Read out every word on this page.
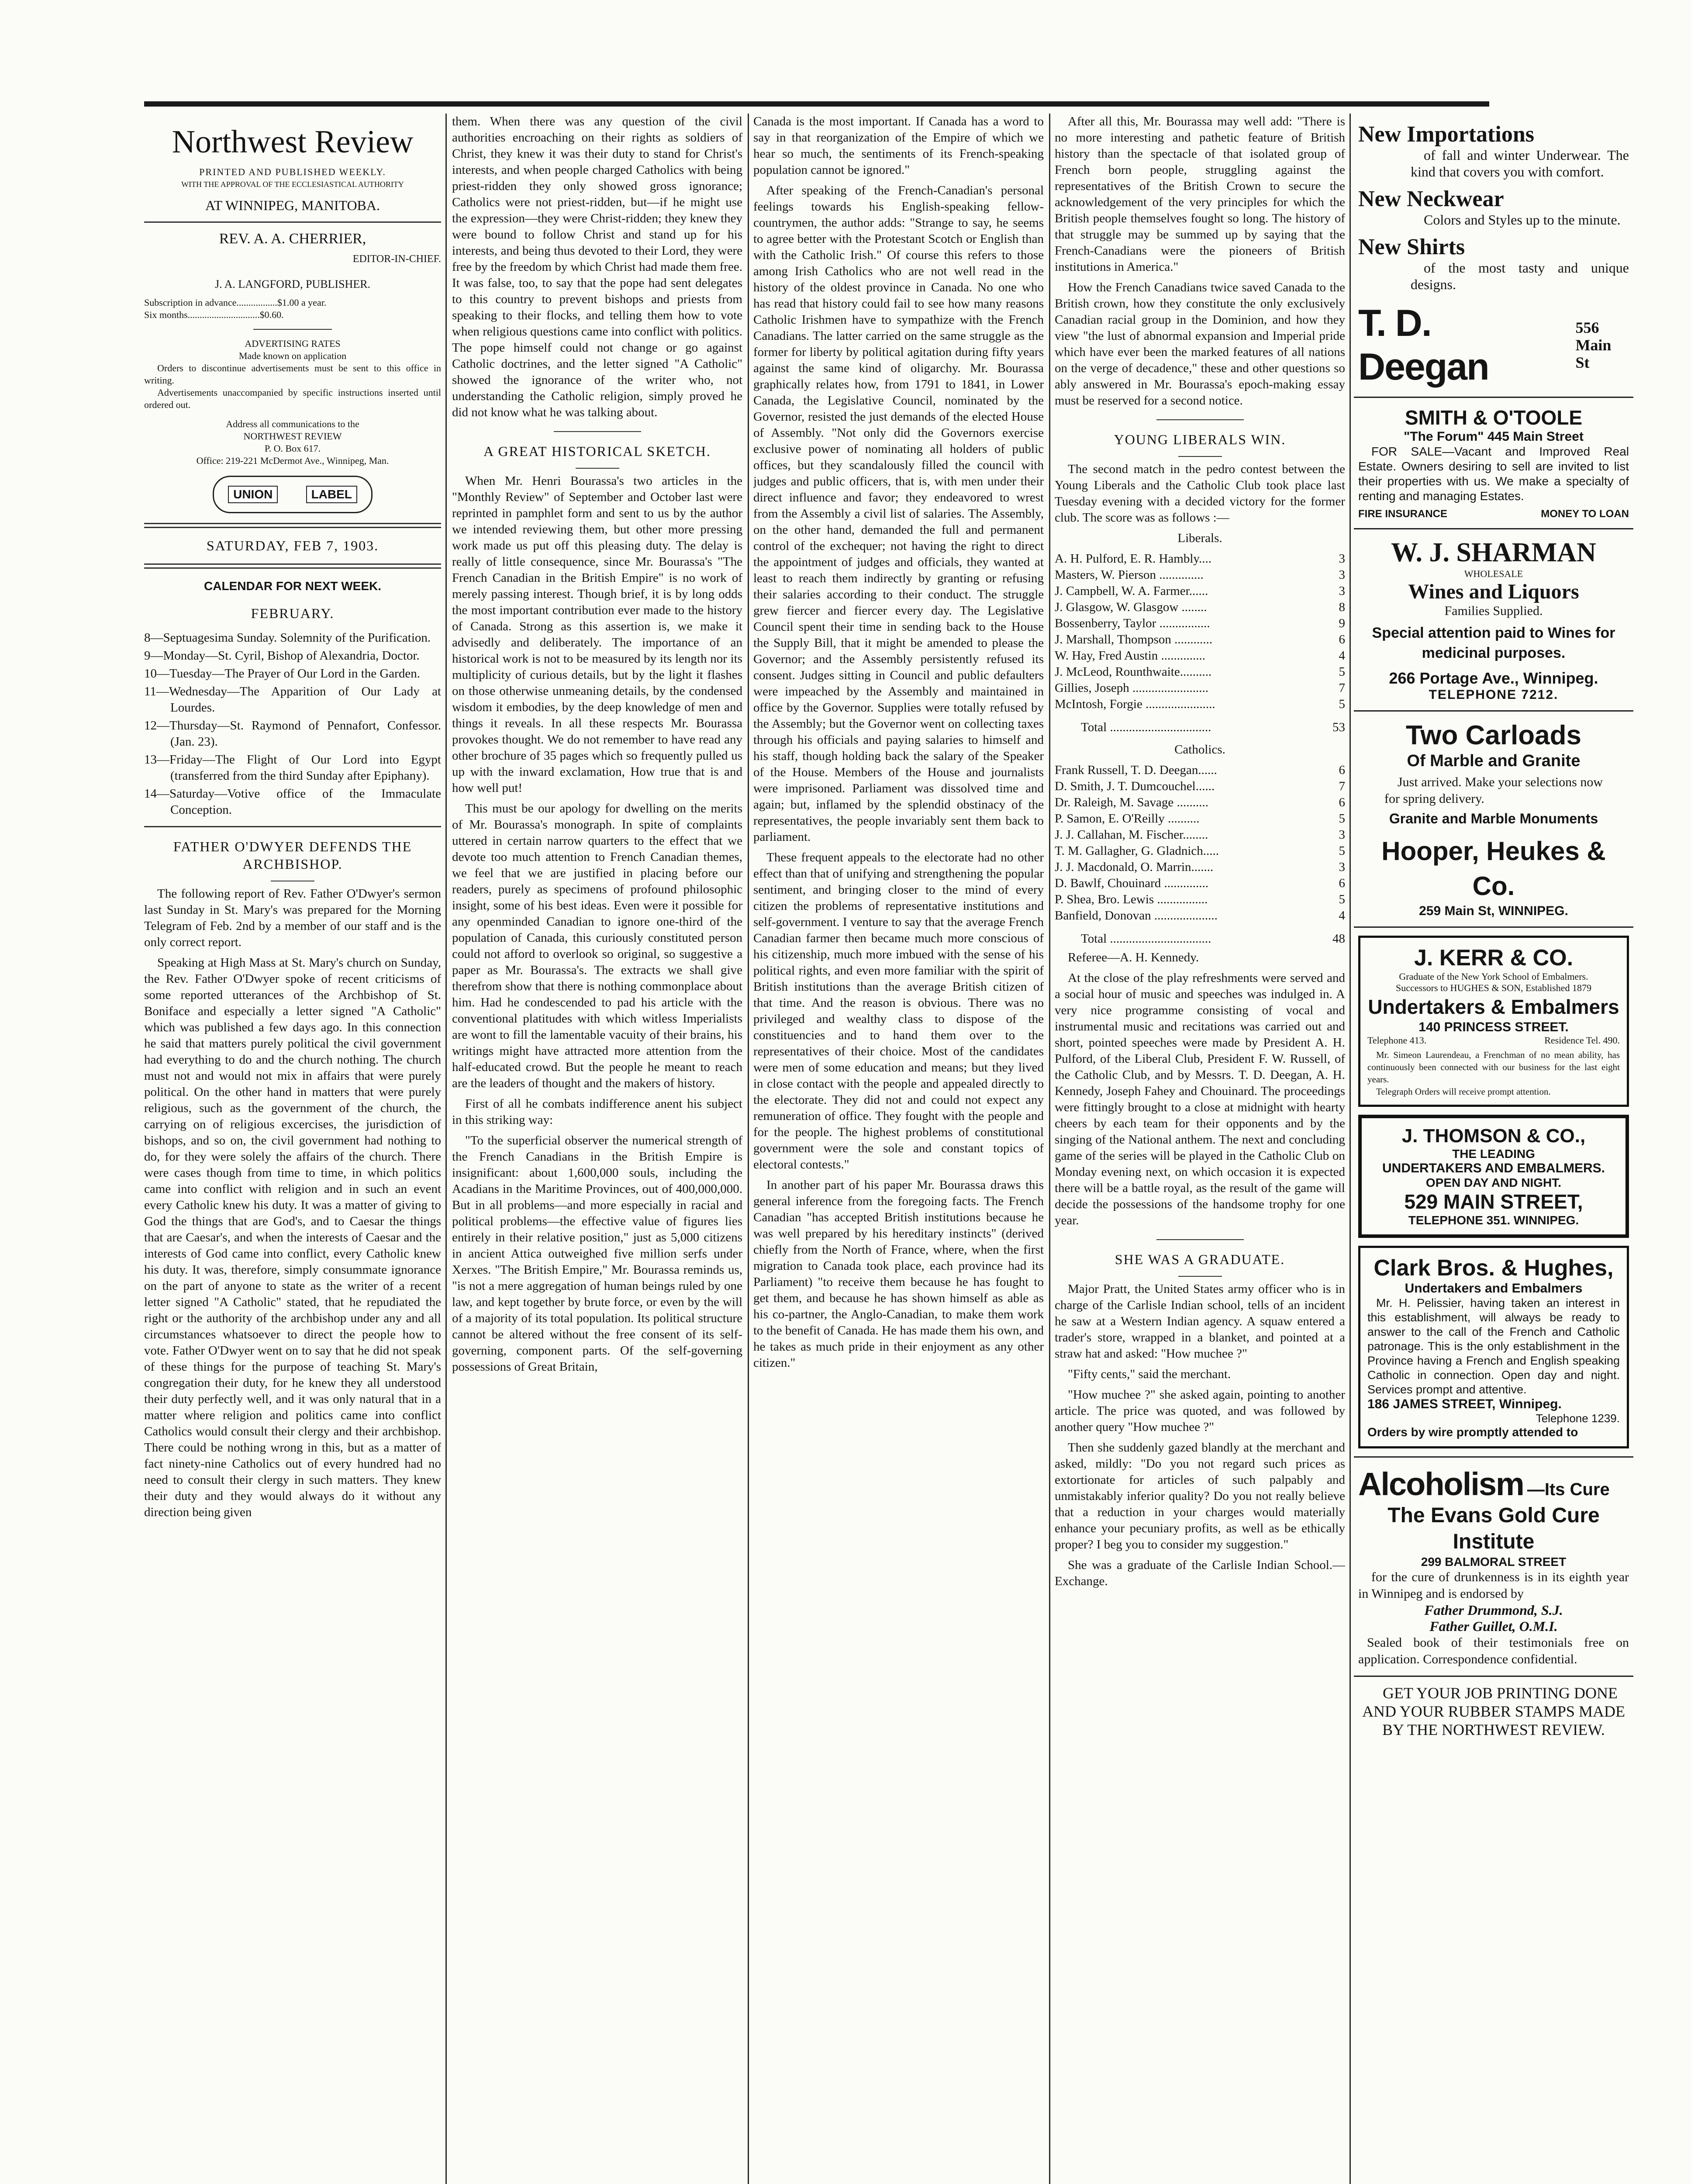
Northwest Review

PRINTED AND PUBLISHED WEEKLY.

WITH THE APPROVAL OF THE ECCLESIASTICAL AUTHORITY

AT WINNIPEG, MANITOBA.

REV. A. A. CHERRIER,

EDITOR-IN-CHIEF.

J. A. LANGFORD, PUBLISHER.

Subscription in advance.................$1.00 a year.

Six months..............................$0.60.

ADVERTISING RATES

Made known on application

Orders to discontinue advertisements must be sent to this office in writing.

Advertisements unaccompanied by specific instructions inserted until ordered out.

Address all communications to the

NORTHWEST REVIEW

P. O. Box 617.

Office: 219-221 McDermot Ave., Winnipeg, Man.

UNION	LABEL

SATURDAY, FEB 7, 1903.

CALENDAR FOR NEXT WEEK.
FEBRUARY.

8—Septuagesima Sunday. Solemnity of the Purification.

9—Monday—St. Cyril, Bishop of Alexandria, Doctor.

10—Tuesday—The Prayer of Our Lord in the Garden.

11—Wednesday—The Apparition of Our Lady at Lourdes.

12—Thursday—St. Raymond of Pennafort, Confessor. (Jan. 23).

13—Friday—The Flight of Our Lord into Egypt (transferred from the third Sunday after Epiphany).

14—Saturday—Votive office of the Immaculate Conception.

FATHER O'DWYER DEFENDS THE ARCHBISHOP.

The following report of Rev. Father O'Dwyer's sermon last Sunday in St. Mary's was prepared for the Morning Telegram of Feb. 2nd by a member of our staff and is the only correct report.

Speaking at High Mass at St. Mary's church on Sunday, the Rev. Father O'Dwyer spoke of recent criticisms of some reported utterances of the Archbishop of St. Boniface and especially a letter signed "A Catholic" which was published a few days ago. In this connection he said that matters purely political the civil government had everything to do and the church nothing. The church must not and would not mix in affairs that were purely political. On the other hand in matters that were purely religious, such as the government of the church, the carrying on of religious excercises, the jurisdiction of bishops, and so on, the civil government had nothing to do, for they were solely the affairs of the church. There were cases though from time to time, in which politics came into conflict with religion and in such an event every Catholic knew his duty. It was a matter of giving to God the things that are God's, and to Caesar the things that are Caesar's, and when the interests of Caesar and the interests of God came into conflict, every Catholic knew his duty. It was, therefore, simply consummate ignorance on the part of anyone to state as the writer of a recent letter signed "A Catholic" stated, that he repudiated the right or the authority of the archbishop under any and all circumstances whatsoever to direct the people how to vote. Father O'Dwyer went on to say that he did not speak of these things for the purpose of teaching St. Mary's congregation their duty, for he knew they all understood their duty perfectly well, and it was only natural that in a matter where religion and politics came into conflict Catholics would consult their clergy and their archbishop. There could be nothing wrong in this, but as a matter of fact ninety-nine Catholics out of every hundred had no need to consult their clergy in such matters. They knew their duty and they would always do it without any direction being given

them. When there was any question of the civil authorities encroaching on their rights as soldiers of Christ, they knew it was their duty to stand for Christ's interests, and when people charged Catholics with being priest-ridden they only showed gross ignorance; Catholics were not priest-ridden, but—if he might use the expression—they were Christ-ridden; they knew they were bound to follow Christ and stand up for his interests, and being thus devoted to their Lord, they were free by the freedom by which Christ had made them free. It was false, too, to say that the pope had sent delegates to this country to prevent bishops and priests from speaking to their flocks, and telling them how to vote when religious questions came into conflict with politics. The pope himself could not change or go against Catholic doctrines, and the letter signed "A Catholic" showed the ignorance of the writer who, not understanding the Catholic religion, simply proved he did not know what he was talking about.

A GREAT HISTORICAL SKETCH.

When Mr. Henri Bourassa's two articles in the "Monthly Review" of September and October last were reprinted in pamphlet form and sent to us by the author we intended reviewing them, but other more pressing work made us put off this pleasing duty. The delay is really of little consequence, since Mr. Bourassa's "The French Canadian in the British Empire" is no work of merely passing interest. Though brief, it is by long odds the most important contribution ever made to the history of Canada. Strong as this assertion is, we make it advisedly and deliberately. The importance of an historical work is not to be measured by its length nor its multiplicity of curious details, but by the light it flashes on those otherwise unmeaning details, by the condensed wisdom it embodies, by the deep knowledge of men and things it reveals. In all these respects Mr. Bourassa provokes thought. We do not remember to have read any other brochure of 35 pages which so frequently pulled us up with the inward exclamation, How true that is and how well put!

This must be our apology for dwelling on the merits of Mr. Bourassa's monograph. In spite of complaints uttered in certain narrow quarters to the effect that we devote too much attention to French Canadian themes, we feel that we are justified in placing before our readers, purely as specimens of profound philosophic insight, some of his best ideas. Even were it possible for any openminded Canadian to ignore one-third of the population of Canada, this curiously constituted person could not afford to overlook so original, so suggestive a paper as Mr. Bourassa's. The extracts we shall give therefrom show that there is nothing commonplace about him. Had he condescended to pad his article with the conventional platitudes with which witless Imperialists are wont to fill the lamentable vacuity of their brains, his writings might have attracted more attention from the half-educated crowd. But the people he meant to reach are the leaders of thought and the makers of history.

First of all he combats indifference anent his subject in this striking way:

"To the superficial observer the numerical strength of the French Canadians in the British Empire is insignificant: about 1,600,000 souls, including the Acadians in the Maritime Provinces, out of 400,000,000. But in all problems—and more especially in racial and political problems—the effective value of figures lies entirely in their relative position," just as 5,000 citizens in ancient Attica outweighed five million serfs under Xerxes. "The British Empire," Mr. Bourassa reminds us, "is not a mere aggregation of human beings ruled by one law, and kept together by brute force, or even by the will of a majority of its total population. Its political structure cannot be altered without the free consent of its self-governing, component parts. Of the self-governing possessions of Great Britain,

Canada is the most important. If Canada has a word to say in that reorganization of the Empire of which we hear so much, the sentiments of its French-speaking population cannot be ignored."

After speaking of the French-Canadian's personal feelings towards his English-speaking fellow-countrymen, the author adds: "Strange to say, he seems to agree better with the Protestant Scotch or English than with the Catholic Irish." Of course this refers to those among Irish Catholics who are not well read in the history of the oldest province in Canada. No one who has read that history could fail to see how many reasons Catholic Irishmen have to sympathize with the French Canadians. The latter carried on the same struggle as the former for liberty by political agitation during fifty years against the same kind of oligarchy. Mr. Bourassa graphically relates how, from 1791 to 1841, in Lower Canada, the Legislative Council, nominated by the Governor, resisted the just demands of the elected House of Assembly. "Not only did the Governors exercise exclusive power of nominating all holders of public offices, but they scandalously filled the council with judges and public officers, that is, with men under their direct influence and favor; they endeavored to wrest from the Assembly a civil list of salaries. The Assembly, on the other hand, demanded the full and permanent control of the exchequer; not having the right to direct the appointment of judges and officials, they wanted at least to reach them indirectly by granting or refusing their salaries according to their conduct. The struggle grew fiercer and fiercer every day. The Legislative Council spent their time in sending back to the House the Supply Bill, that it might be amended to please the Governor; and the Assembly persistently refused its consent. Judges sitting in Council and public defaulters were impeached by the Assembly and maintained in office by the Governor. Supplies were totally refused by the Assembly; but the Governor went on collecting taxes through his officials and paying salaries to himself and his staff, though holding back the salary of the Speaker of the House. Members of the House and journalists were imprisoned. Parliament was dissolved time and again; but, inflamed by the splendid obstinacy of the representatives, the people invariably sent them back to parliament.

These frequent appeals to the electorate had no other effect than that of unifying and strengthening the popular sentiment, and bringing closer to the mind of every citizen the problems of representative institutions and self-government. I venture to say that the average French Canadian farmer then became much more conscious of his citizenship, much more imbued with the sense of his political rights, and even more familiar with the spirit of British institutions than the average British citizen of that time. And the reason is obvious. There was no privileged and wealthy class to dispose of the constituencies and to hand them over to the representatives of their choice. Most of the candidates were men of some education and means; but they lived in close contact with the people and appealed directly to the electorate. They did not and could not expect any remuneration of office. They fought with the people and for the people. The highest problems of constitutional government were the sole and constant topics of electoral contests."

In another part of his paper Mr. Bourassa draws this general inference from the foregoing facts. The French Canadian "has accepted British institutions because he was well prepared by his hereditary instincts" (derived chiefly from the North of France, where, when the first migration to Canada took place, each province had its Parliament) "to receive them because he has fought to get them, and because he has shown himself as able as his co-partner, the Anglo-Canadian, to make them work to the benefit of Canada. He has made them his own, and he takes as much pride in their enjoyment as any other citizen."

After all this, Mr. Bourassa may well add: "There is no more interesting and pathetic feature of British history than the spectacle of that isolated group of French born people, struggling against the representatives of the British Crown to secure the acknowledgement of the very principles for which the British people themselves fought so long. The history of that struggle may be summed up by saying that the French-Canadians were the pioneers of British institutions in America."

How the French Canadians twice saved Canada to the British crown, how they constitute the only exclusively Canadian racial group in the Dominion, and how they view "the lust of abnormal expansion and Imperial pride which have ever been the marked features of all nations on the verge of decadence," these and other questions so ably answered in Mr. Bourassa's epoch-making essay must be reserved for a second notice.

YOUNG LIBERALS WIN.

The second match in the pedro contest between the Young Liberals and the Catholic Club took place last Tuesday evening with a decided victory for the former club. The score was as follows :—

Liberals.

A. H. Pulford, E. R. Hambly....	3
Masters, W. Pierson ..............	3
J. Campbell, W. A. Farmer......	3
J. Glasgow, W. Glasgow ........	8
Bossenberry, Taylor ................	9
J. Marshall, Thompson ............	6
W. Hay, Fred Austin ..............	4
J. McLeod, Rounthwaite..........	5
Gillies, Joseph ........................	7
McIntosh, Forgie ......................	5
Total ................................	53

Catholics.

Frank Russell, T. D. Deegan......	6
D. Smith, J. T. Dumcouchel......	7
Dr. Raleigh, M. Savage ..........	6
P. Samon, E. O'Reilly ..........	5
J. J. Callahan, M. Fischer........	3
T. M. Gallagher, G. Gladnich.....	5
J. J. Macdonald, O. Marrin.......	3
D. Bawlf, Chouinard ..............	6
P. Shea, Bro. Lewis ................	5
Banfield, Donovan ....................	4
Total ................................	48

Referee—A. H. Kennedy.

At the close of the play refreshments were served and a social hour of music and speeches was indulged in. A very nice programme consisting of vocal and instrumental music and recitations was carried out and short, pointed speeches were made by President A. H. Pulford, of the Liberal Club, President F. W. Russell, of the Catholic Club, and by Messrs. T. D. Deegan, A. H. Kennedy, Joseph Fahey and Chouinard. The proceedings were fittingly brought to a close at midnight with hearty cheers by each team for their opponents and by the singing of the National anthem. The next and concluding game of the series will be played in the Catholic Club on Monday evening next, on which occasion it is expected there will be a battle royal, as the result of the game will decide the possessions of the handsome trophy for one year.

SHE WAS A GRADUATE.

Major Pratt, the United States army officer who is in charge of the Carlisle Indian school, tells of an incident he saw at a Western Indian agency. A squaw entered a trader's store, wrapped in a blanket, and pointed at a straw hat and asked: "How muchee ?"

"Fifty cents," said the merchant.

"How muchee ?" she asked again, pointing to another article. The price was quoted, and was followed by another query "How muchee ?"

Then she suddenly gazed blandly at the merchant and asked, mildly: "Do you not regard such prices as extortionate for articles of such palpably and unmistakably inferior quality? Do you not really believe that a reduction in your charges would materially enhance your pecuniary profits, as well as be ethically proper? I beg you to consider my suggestion."

She was a graduate of the Carlisle Indian School.—Exchange.

New Importations

of fall and winter Underwear. The kind that covers you with comfort.

New Neckwear

Colors and Styles up to the minute.

New Shirts

of the most tasty and unique designs.

T. D. Deegan
556
Main St
SMITH & O'TOOLE
"The Forum" 445 Main Street

FOR SALE—Vacant and Improved Real Estate. Owners desiring to sell are invited to list their properties with us. We make a specialty of renting and managing Estates.

FIRE INSURANCE	MONEY TO LOAN
W. J. SHARMAN
WHOLESALE
Wines and Liquors
Families Supplied.
Special attention paid to Wines for medicinal purposes.
266 Portage Ave., Winnipeg.
TELEPHONE 7212.
Two Carloads
Of Marble and Granite

Just arrived. Make your selections now for spring delivery.

Granite and Marble Monuments
Hooper, Heukes & Co.
259 Main St, WINNIPEG.
J. KERR & CO.
Graduate of the New York School of Embalmers.
Successors to HUGHES & SON, Established 1879
Undertakers & Embalmers
140 PRINCESS STREET.
Telephone 413.	Residence Tel. 490.

Mr. Simeon Laurendeau, a Frenchman of no mean ability, has continuously been connected with our business for the last eight years.

Telegraph Orders will receive prompt attention.

J. THOMSON & CO.,
THE LEADING
UNDERTAKERS AND EMBALMERS.
OPEN DAY AND NIGHT.
529 MAIN STREET,
TELEPHONE 351. WINNIPEG.
Clark Bros. & Hughes,
Undertakers and Embalmers

Mr. H. Pelissier, having taken an interest in this establishment, will always be ready to answer to the call of the French and Catholic patronage. This is the only establishment in the Province having a French and English speaking Catholic in connection. Open day and night. Services prompt and attentive.

186 JAMES STREET, Winnipeg.
Telephone 1239.
Orders by wire promptly attended to
Alcoholism —Its Cure
The Evans Gold Cure Institute
299 BALMORAL STREET

for the cure of drunkenness is in its eighth year in Winnipeg and is endorsed by

Father Drummond, S.J.
Father Guillet, O.M.I.

Sealed book of their testimonials free on application. Correspondence confidential.

GET YOUR JOB PRINTING DONE AND YOUR RUBBER STAMPS MADE BY THE NORTHWEST REVIEW.
